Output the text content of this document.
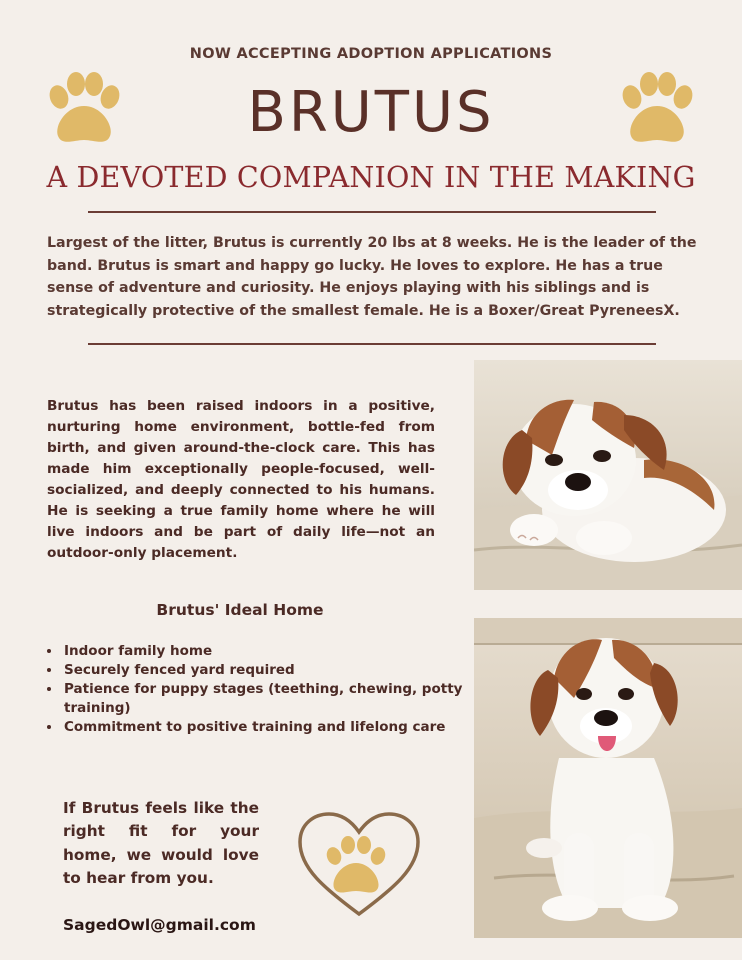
NOW ACCEPTING ADOPTION APPLICATIONS
BRUTUS
A DEVOTED COMPANION IN THE MAKING
Largest of the litter, Brutus is currently 20 lbs at 8 weeks. He is the leader of the band. Brutus is smart and happy go lucky. He loves to explore. He has a true sense of adventure and curiosity. He enjoys playing with his siblings and is strategically protective of the smallest female. He is a Boxer/Great PyreneesX.
Brutus has been raised indoors in a positive, nurturing home environment, bottle-fed from birth, and given around-the-clock care. This has made him exceptionally people-focused, well-socialized, and deeply connected to his humans. He is seeking a true family home where he will live indoors and be part of daily life—not an outdoor-only placement.
Brutus' Ideal Home
• Indoor family home
• Securely fenced yard required
• Patience for puppy stages (teething, chewing, potty training)
• Commitment to positive training and lifelong care
If Brutus feels like the right fit for your home, we would love to hear from you.
SagedOwl@gmail.com
